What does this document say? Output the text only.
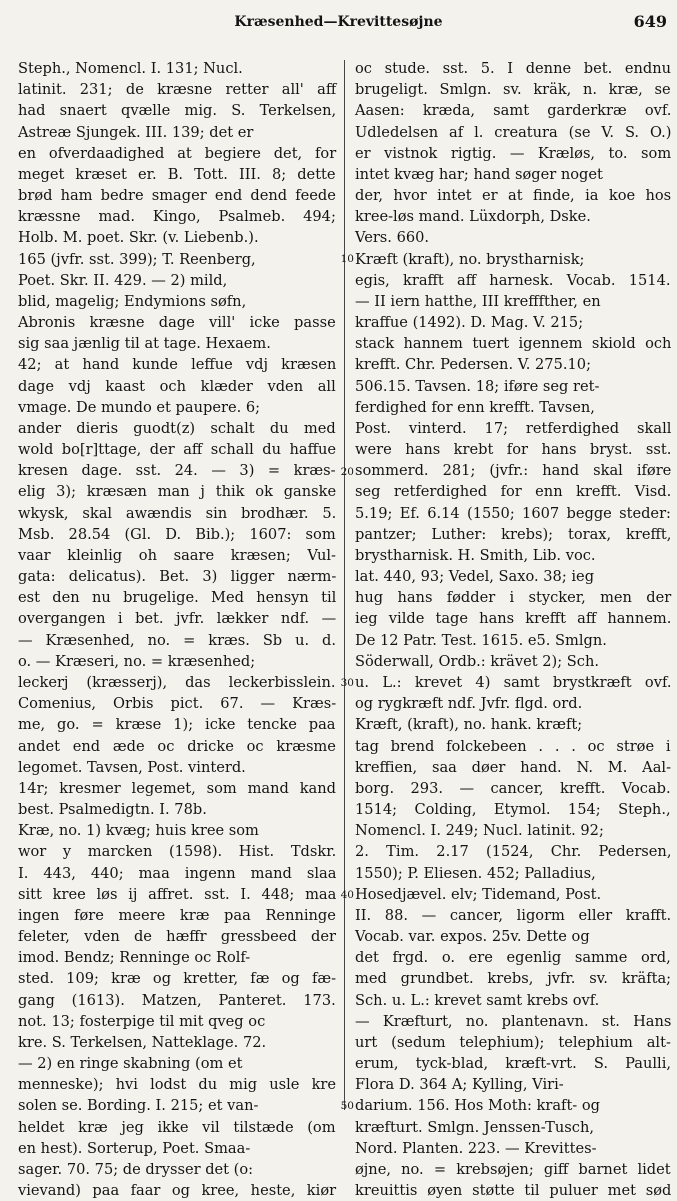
Kræsenhed—Krevittesøjne	649
Steph., Nomencl. I. 131; Nucl.
latinit. 231; de kræsne retter all' aff
had snaert qvælle mig. S. Terkelsen,
Astreæ Sjungek. III. 139; det er
en ofverdaadighed at begiere det, for
meget kræset er. B. Tott. III. 8; dette
brød ham bedre smager end dend feede
kræssne mad. Kingo, Psalmeb. 494;
Holb. M. poet. Skr. (v. Liebenb.).
165 (jvfr. sst. 399); T. Reenberg,
Poet. Skr. II. 429. — 2) mild,
blid, magelig; Endymions søfn,
Abronis kræsne dage vill' icke passe
sig saa jænlig til at tage. Hexaem.
42; at hand kunde leffue vdj kræsen
dage vdj kaast och klæder vden all
vmage. De mundo et paupere. 6;
ander dieris guodt(z) schalt du med
wold bo[r]ttage, der aff schall du haffue
kresen dage. sst. 24. — 3) = kræs-
elig 3); kræsæn man j thik ok ganske
wkysk, skal awændis sin brodhær. 5.
Msb. 28.54 (Gl. D. Bib.); 1607: som
vaar kleinlig oh saare kræsen; Vul-
gata: delicatus). Bet. 3) ligger nærm-
est den nu brugelige. Med hensyn til
overgangen i bet. jvfr. lækker ndf. —
— Kræsenhed, no. = kræs. Sb u. d.
o. — Kræseri, no. = kræsenhed;
leckerj (kræsserj), das leckerbisslein.
Comenius, Orbis pict. 67. — Kræs-
me, go. = kræse 1); icke tencke paa
andet end æde oc dricke oc kræsme
legomet. Tavsen, Post. vinterd.
14r; kresmer legemet, som mand kand
best. Psalmedigtn. I. 78b.
Kræ, no. 1) kvæg; huis kree som
wor y marcken (1598). Hist. Tdskr.
I. 443, 440; maa ingenn mand slaa
sitt kree løs ij affret. sst. I. 448; maa
ingen føre meere kræ paa Renninge
feleter, vden de hæffr gressbeed der
imod. Bendz; Renninge oc Rolf-
sted. 109; kræ og kretter, fæ og fæ-
gang (1613). Matzen, Panteret. 173.
not. 13; fosterpige til mit qveg oc
kre. S. Terkelsen, Natteklage. 72.
— 2) en ringe skabning (om et
menneske); hvi lodst du mig usle kre
solen se. Bording. I. 215; et van-
heldet kræ jeg ikke vil tilstæde (om
en hest). Sorterup, Poet. Smaa-
sager. 70. 75; de drysser det (o:
vievand) paa faar og kree, heste, kiør
oc stude. sst. 5. I denne bet. endnu
brugeligt. Smlgn. sv. kräk, n. kræ, se
Aasen: kræda, samt garderkræ ovf.
Udledelsen af l. creatura (se V. S. O.)
er vistnok rigtig. — Kræløs, to. som
intet kvæg har; hand søger noget
der, hvor intet er at finde, ia koe hos
kree-løs mand. Lüxdorph, Dske.
Vers. 660.
Kræft (kraft), no. brystharnisk;
egis, krafft aff harnesk. Vocab. 1514.
— II iern hatthe, III krefffther, en
kraffue (1492). D. Mag. V. 215;
stack hannem tuert igennem skiold och
krefft. Chr. Pedersen. V. 275.10;
506.15. Tavsen. 18; iføre seg ret-
ferdighed for enn krefft. Tavsen,
Post. vinterd. 17; retferdighed skall
were hans krebt for hans bryst. sst.
sommerd. 281; (jvfr.: hand skal iføre
seg retferdighed for enn krefft. Visd.
5.19; Ef. 6.14 (1550; 1607 begge steder:
pantzer; Luther: krebs); torax, krefft,
brystharnisk. H. Smith, Lib. voc.
lat. 440, 93; Vedel, Saxo. 38; ieg
hug hans fødder i stycker, men der
ieg vilde tage hans krefft aff hannem.
De 12 Patr. Test. 1615. e5. Smlgn.
Söderwall, Ordb.: krävet 2); Sch.
u. L.: krevet 4) samt brystkræft ovf.
og rygkræft ndf. Jvfr. flgd. ord.
Kræft, (kraft), no. hank. kræft;
tag brend folckebeen . . . oc strøe i
kreffien, saa døer hand. N. M. Aal-
borg. 293. — cancer, krefft. Vocab.
1514; Colding, Etymol. 154; Steph.,
Nomencl. I. 249; Nucl. latinit. 92;
2. Tim. 2.17 (1524, Chr. Pedersen,
1550); P. Eliesen. 452; Palladius,
Hosedjævel. elv; Tidemand, Post.
II. 88. — cancer, ligorm eller krafft.
Vocab. var. expos. 25v. Dette og
det frgd. o. ere egenlig samme ord,
med grundbet. krebs, jvfr. sv. kräfta;
Sch. u. L.: krevet samt krebs ovf.
— Kræfturt, no. plantenavn. st. Hans
urt (sedum telephium); telephium alt-
erum, tyck-blad, kræft-vrt. S. Paulli,
Flora D. 364 A; Kylling, Viri-
darium. 156. Hos Moth: kraft- og
kræfturt. Smlgn. Jenssen-Tusch,
Nord. Planten. 223. — Krevittes-
øjne, no. = krebsøjen; giff barnet lidet
kreuittis øyen støtte til puluer met sød
10
20
30
40
50
